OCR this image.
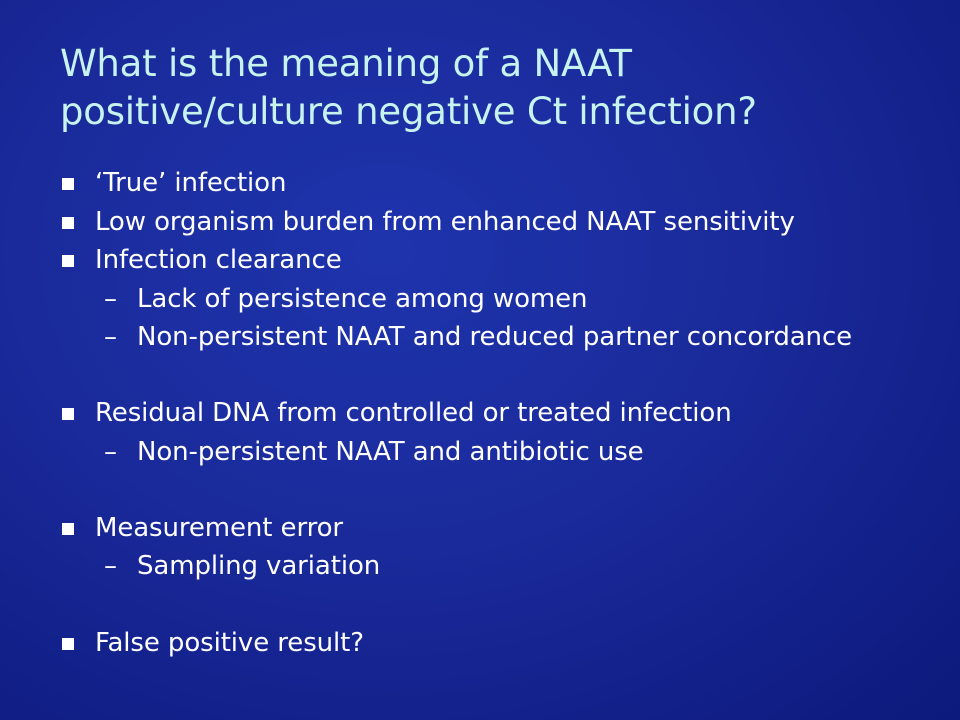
What is the meaning of a NAAT
positive/culture negative Ct infection?
‘True’ infection
Low organism burden from enhanced NAAT sensitivity
Infection clearance
– Lack of persistence among women
– Non-persistent NAAT and reduced partner concordance
Residual DNA from controlled or treated infection
– Non-persistent NAAT and antibiotic use
Measurement error
– Sampling variation
False positive result?
